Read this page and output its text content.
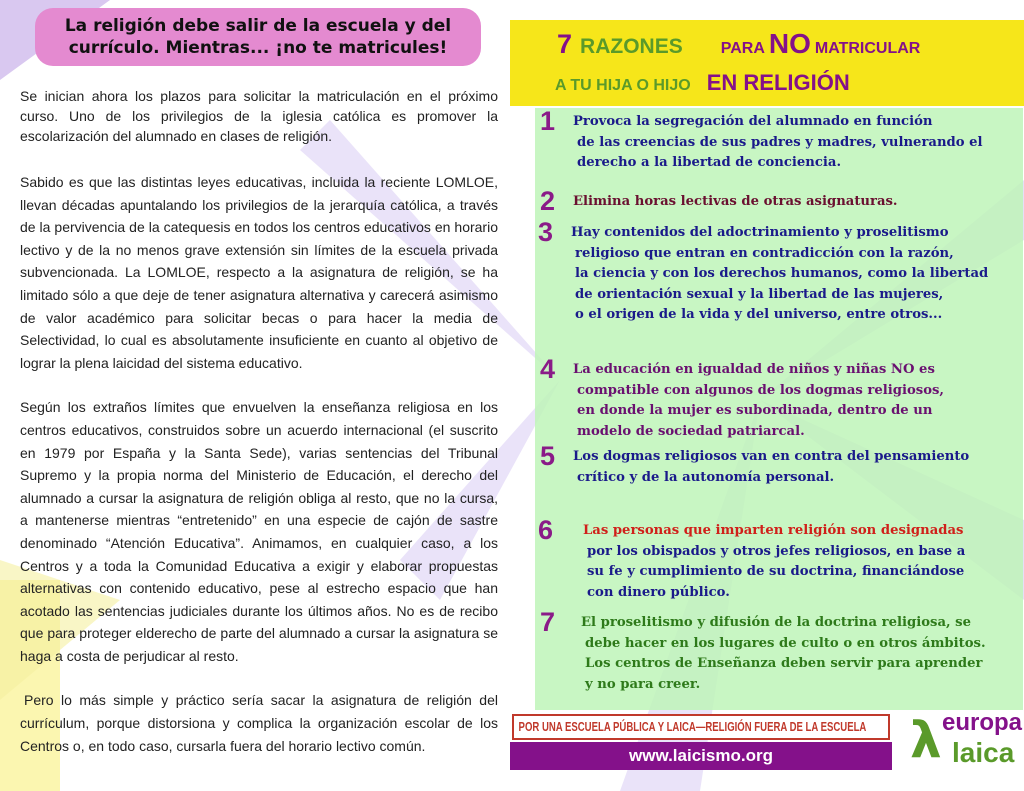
La religión debe salir de la escuela y del currículo. Mientras... ¡no te matricules!

Se inician ahora los plazos para solicitar la matriculación en el próximo curso. Uno de los privilegios de la iglesia católica es promover la escolarización del alumnado en clases de religión.

Sabido es que las distintas leyes educativas, incluida la reciente LOMLOE, llevan décadas apuntalando los privilegios de la jerarquía católica, a través de la pervivencia de la catequesis en todos los centros educativos en horario lectivo y de la no menos grave extensión sin límites de la escuela privada subvencionada. La LOMLOE, respecto a la asignatura de religión, se ha limitado sólo a que deje de tener asignatura alternativa y carecerá asimismo de valor académico para solicitar becas o para hacer la media de Selectividad, lo cual es absolutamente insuficiente en cuanto al objetivo de lograr la plena laicidad del sistema educativo.

Según los extraños límites que envuelven la enseñanza religiosa en los centros educativos, construidos sobre un acuerdo internacional (el suscrito en 1979 por España y la Santa Sede), varias sentencias del Tribunal Supremo y la propia norma del Ministerio de Educación, el derecho del alumnado a cursar la asignatura de religión obliga al resto, que no la cursa, a mantenerse mientras “entretenido” en una especie de cajón de sastre denominado “Atención Educativa”. Animamos, en cualquier caso, a los Centros y a toda la Comunidad Educativa a exigir y elaborar propuestas alternativas con contenido educativo, pese al estrecho espacio que han acotado las sentencias judiciales durante los últimos años. No es de recibo que para proteger elderecho de parte del alumnado a cursar la asignatura se haga a costa de perjudicar al resto.

Pero lo más simple y práctico sería sacar la asignatura de religión del currículum, porque distorsiona y complica la organización escolar de los Centros o, en todo caso, cursarla fuera del horario lectivo común.

7 RAZONES PARA NO MATRICULAR
A TU HIJA O HIJO EN RELIGIÓN
1 Provoca la segregación del alumnado en función
de las creencias de sus padres y madres, vulnerando el
derecho a la libertad de conciencia.
2 Elimina horas lectivas de otras asignaturas.
3 Hay contenidos del adoctrinamiento y proselitismo
religioso que entran en contradicción con la razón,
la ciencia y con los derechos humanos, como la libertad
de orientación sexual y la libertad de las mujeres,
o el origen de la vida y del universo, entre otros...
4 La educación en igualdad de niños y niñas NO es
compatible con algunos de los dogmas religiosos,
en donde la mujer es subordinada, dentro de un
modelo de sociedad patriarcal.
5 Los dogmas religiosos van en contra del pensamiento
crítico y de la autonomía personal.
6 Las personas que imparten religión son designadas
por los obispados y otros jefes religiosos, en base a
su fe y cumplimiento de su doctrina, financiándose
con dinero público.
7 El proselitismo y difusión de la doctrina religiosa, se
debe hacer en los lugares de culto o en otros ámbitos.
Los centros de Enseñanza deben servir para aprender
y no para creer.
POR UNA ESCUELA PÚBLICA Y LAICA—RELIGIÓN FUERA DE LA ESCUELA
www.laicismo.org	λ europa
laica
